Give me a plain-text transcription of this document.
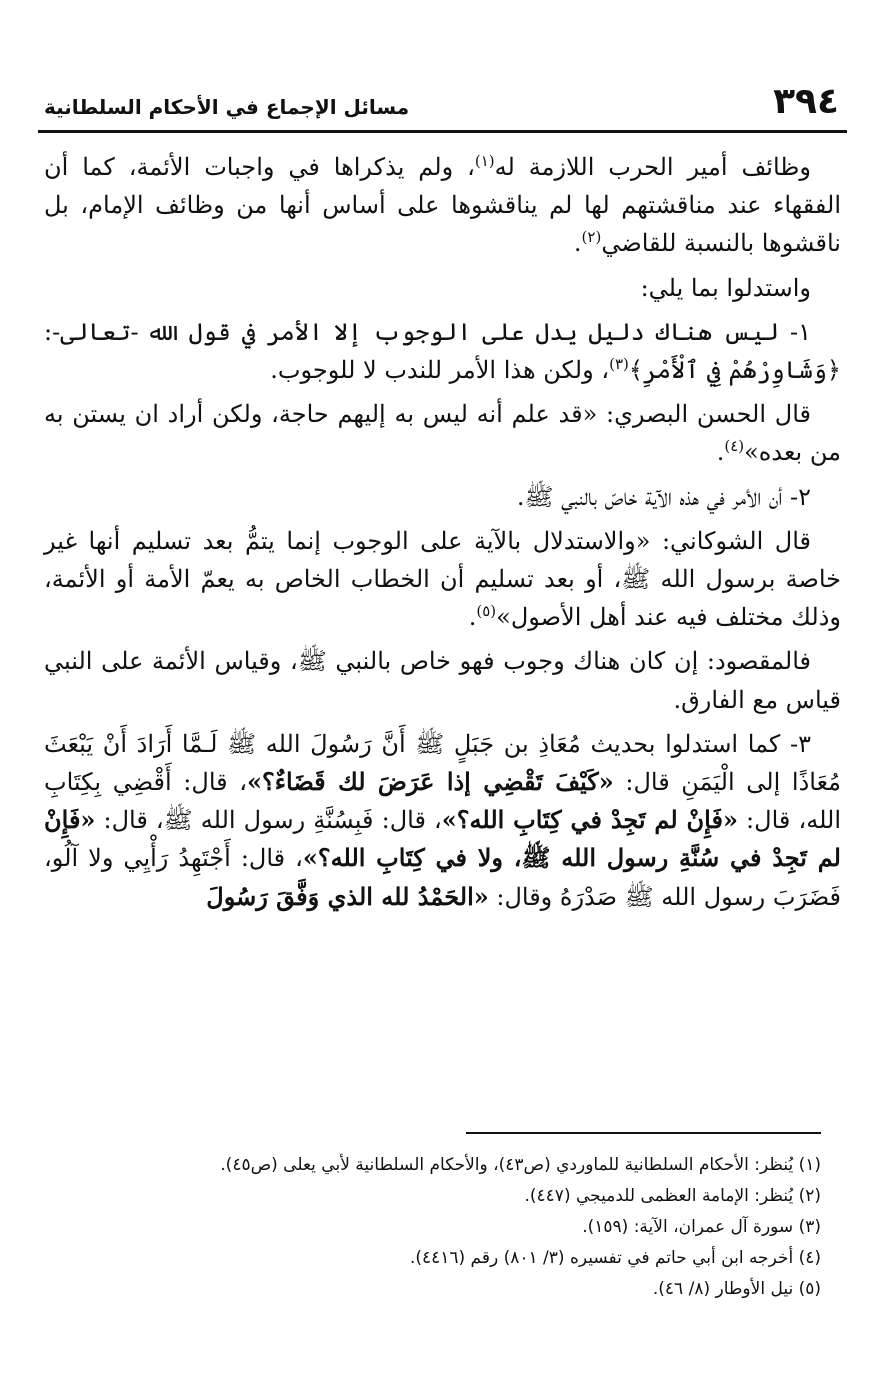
٣٩٤
مسائل الإجماع في الأحكام السلطانية

وظائف أمير الحرب اللازمة له$^{(١)}$، ولم يذكراها في واجبات الأئمة، كما أن الفقهاء عند مناقشتهم لها لم يناقشوها على أساس أنها من وظائف الإمام، بل ناقشوها بالنسبة للقاضي$^{(٢)}$.

واستدلوا بما يلي:

١- ليس هناك دليل يدل على الوجوب إلا الأمر في قول الله -تعالى-: ﴿وَشَاوِرْهُمْ فِي ٱلْأَمْرِ﴾$^{(٣)}$، ولكن هذا الأمر للندب لا للوجوب.

قال الحسن البصري: «قد علم أنه ليس به إليهم حاجة، ولكن أراد ان يستن به من بعده»$^{(٤)}$.

٢- أن الأمر في هذه الآية خاصّ بالنبي ﷺ.

قال الشوكاني: «والاستدلال بالآية على الوجوب إنما يتمُّ بعد تسليم أنها غير خاصة برسول الله ﷺ، أو بعد تسليم أن الخطاب الخاص به يعمّ الأمة أو الأئمة، وذلك مختلف فيه عند أهل الأصول»$^{(٥)}$.

فالمقصود: إن كان هناك وجوب فهو خاص بالنبي ﷺ، وقياس الأئمة على النبي قياس مع الفارق.

٣- كما استدلوا بحديث مُعَاذِ بن جَبَلٍ ﷺ أَنَّ رَسُولَ الله ﷺ لَـمَّا أَرَادَ أَنْ يَبْعَثَ مُعَاذًا إلى الْيَمَنِ قال: «كَيْفَ تَقْضِي إذا عَرَضَ لك قَضَاءٌ؟»، قال: أَقْضِي بِكِتَابِ الله، قال: «فَإِنْ لم تَجِدْ في كِتَابِ الله؟»، قال: فَبِسُنَّةِ رسول الله ﷺ، قال: «فَإِنْ لم تَجِدْ في سُنَّةِ رسول الله ﷺ، ولا في كِتَابِ الله؟»، قال: أَجْتَهِدُ رَأْيِي ولا آلُو، فَضَرَبَ رسول الله ﷺ صَدْرَهُ وقال: «الحَمْدُ لله الذي وَفَّقَ رَسُولَ

(١) يُنظر: الأحكام السلطانية للماوردي (ص٤٣)، والأحكام السلطانية لأبي يعلى (ص٤٥).
(٢) يُنظر: الإمامة العظمى للدميجي (٤٤٧).
(٣) سورة آل عمران، الآية: (١٥٩).
(٤) أخرجه ابن أبي حاتم في تفسيره (٣/ ٨٠١) رقم (٤٤١٦).
(٥) نيل الأوطار (٨/ ٤٦).
